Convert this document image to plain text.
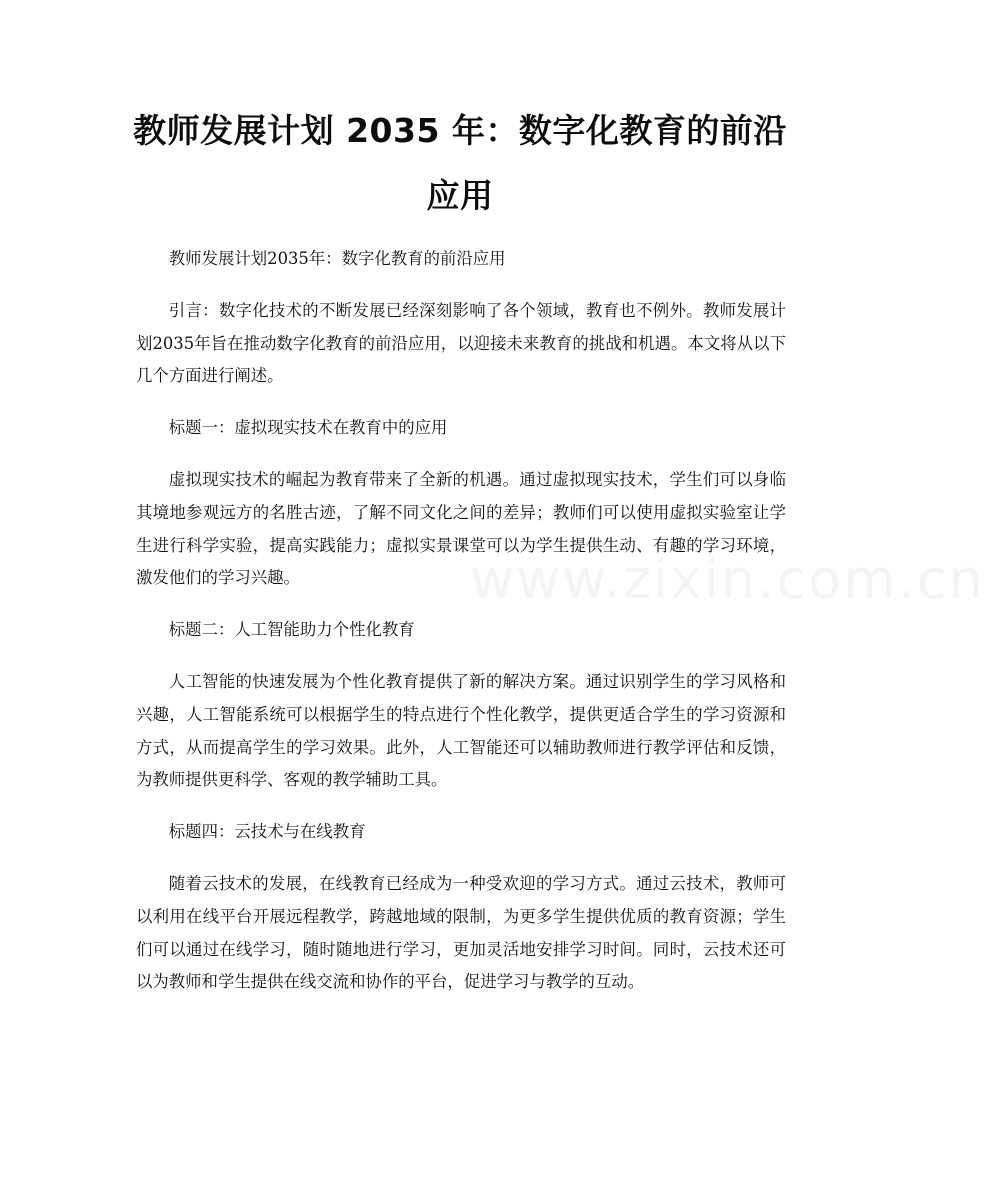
教师发展计划 2035 年：数字化教育的前沿应用

教师发展计划2035年：数字化教育的前沿应用

引言：数字化技术的不断发展已经深刻影响了各个领域，教育也不例外。教师发展计划2035年旨在推动数字化教育的前沿应用，以迎接未来教育的挑战和机遇。本文将从以下几个方面进行阐述。

标题一：虚拟现实技术在教育中的应用

虚拟现实技术的崛起为教育带来了全新的机遇。通过虚拟现实技术，学生们可以身临其境地参观远方的名胜古迹，了解不同文化之间的差异；教师们可以使用虚拟实验室让学生进行科学实验，提高实践能力；虚拟实景课堂可以为学生提供生动、有趣的学习环境，激发他们的学习兴趣。

标题二：人工智能助力个性化教育

人工智能的快速发展为个性化教育提供了新的解决方案。通过识别学生的学习风格和兴趣，人工智能系统可以根据学生的特点进行个性化教学，提供更适合学生的学习资源和方式，从而提高学生的学习效果。此外，人工智能还可以辅助教师进行教学评估和反馈，为教师提供更科学、客观的教学辅助工具。

标题四：云技术与在线教育

随着云技术的发展，在线教育已经成为一种受欢迎的学习方式。通过云技术，教师可以利用在线平台开展远程教学，跨越地域的限制，为更多学生提供优质的教育资源；学生们可以通过在线学习，随时随地进行学习，更加灵活地安排学习时间。同时，云技术还可以为教师和学生提供在线交流和协作的平台，促进学习与教学的互动。

www.zixin.com.cn
